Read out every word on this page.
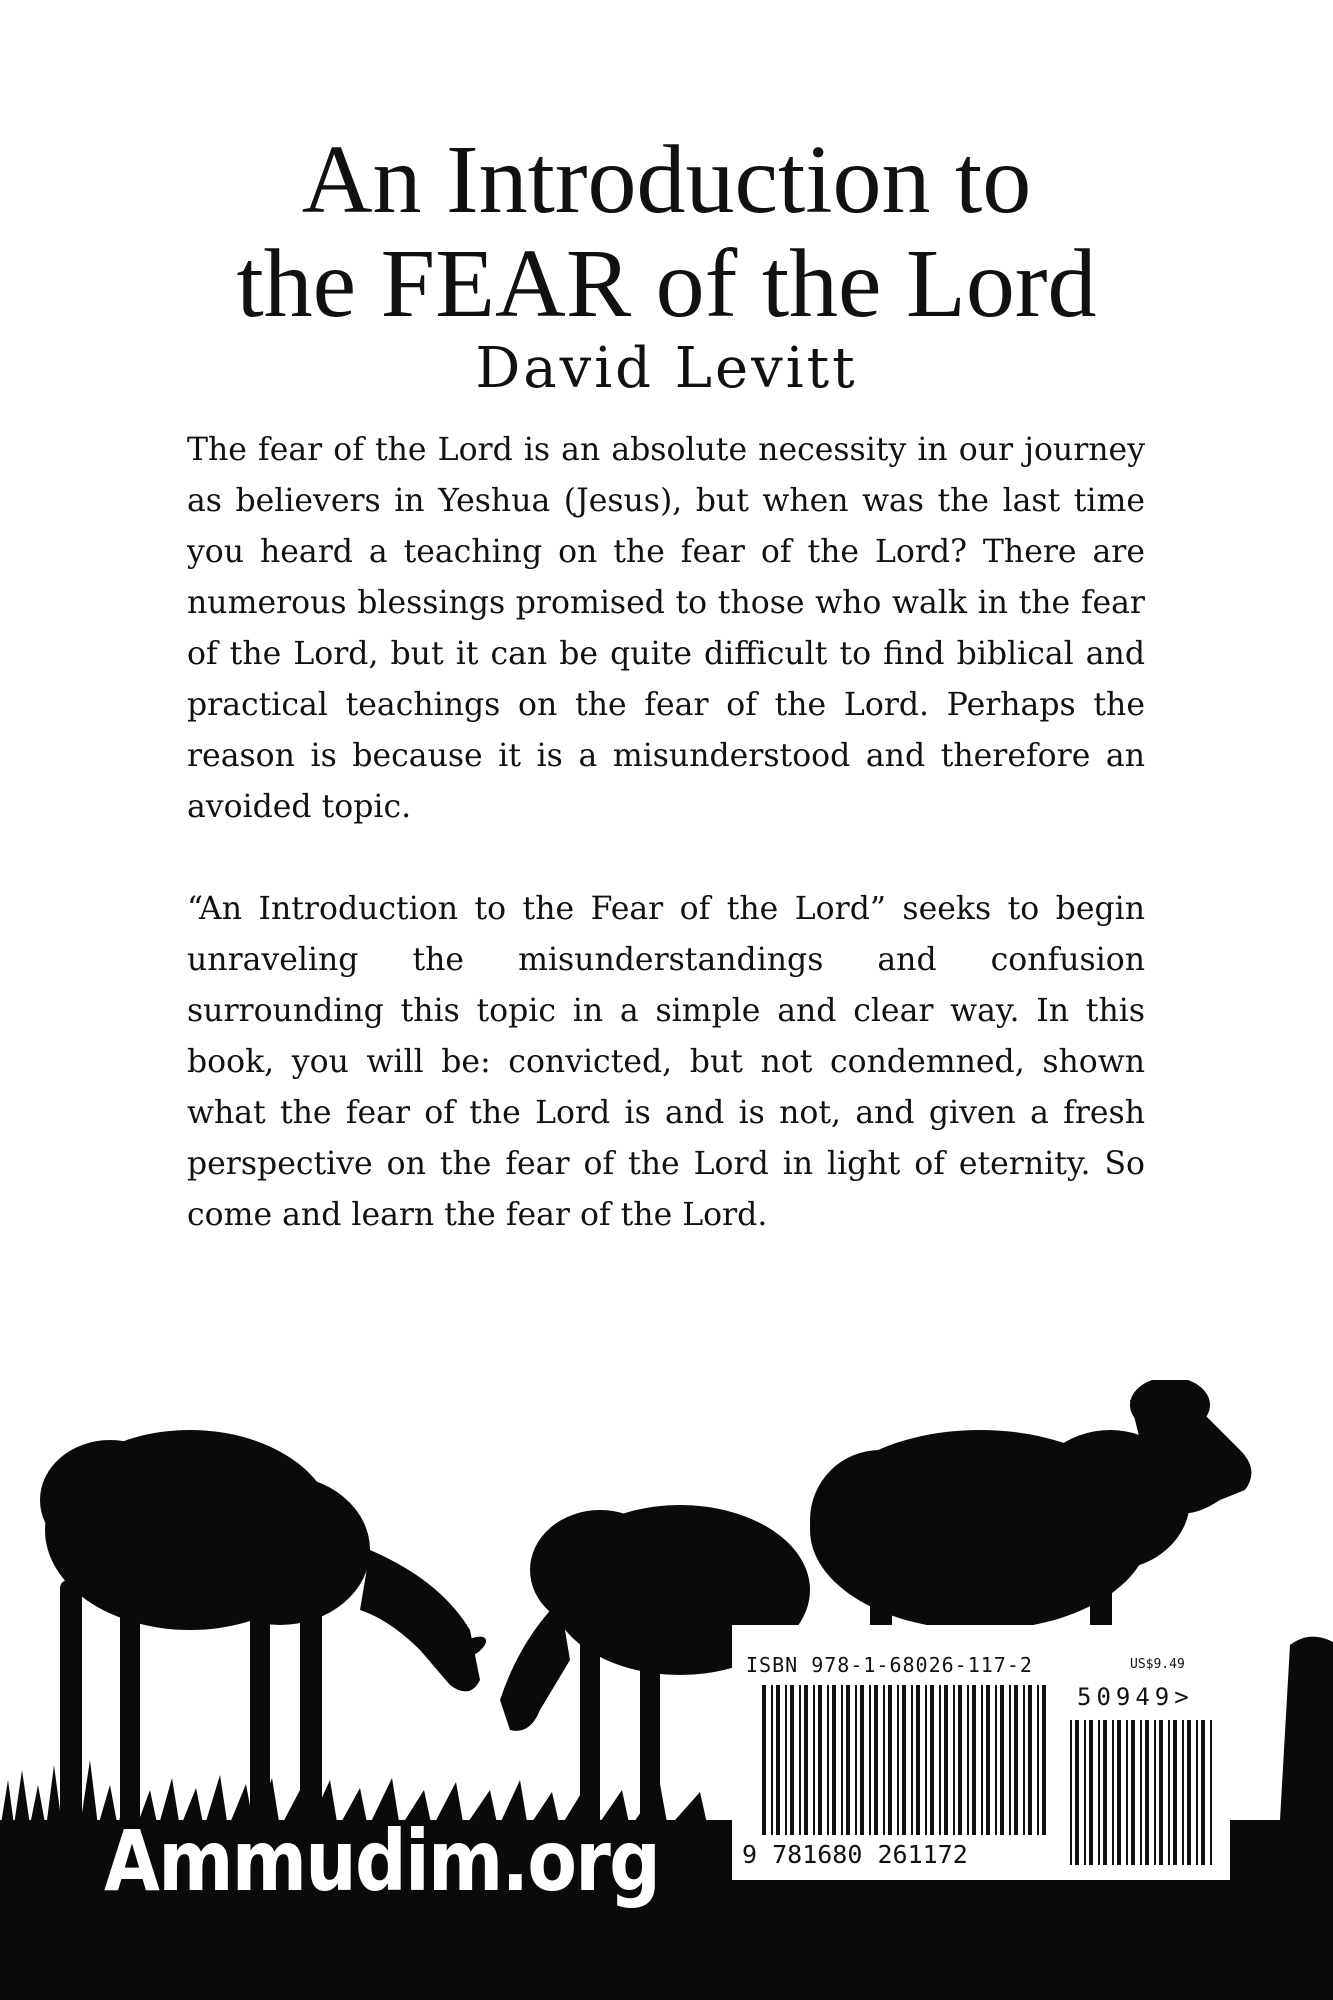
An Introduction to
the FEAR of the Lord
David Levitt

The fear of the Lord is an absolute necessity in our journey as believers in Yeshua (Jesus), but when was the last time you heard a teaching on the fear of the Lord? There are numerous blessings promised to those who walk in the fear of the Lord, but it can be quite difficult to find biblical and practical teachings on the fear of the Lord. Perhaps the reason is because it is a misunderstood and therefore an avoided topic.

“An Introduction to the Fear of the Lord” seeks to begin unraveling the misunderstandings and confusion surrounding this topic in a simple and clear way. In this book, you will be: convicted, but not condemned, shown what the fear of the Lord is and is not, and given a fresh perspective on the fear of the Lord in light of eternity. So come and learn the fear of the Lord.

Ammudim.org
ISBN 978-1-68026-117-2	US$9.49
50949>
9 781680 261172
